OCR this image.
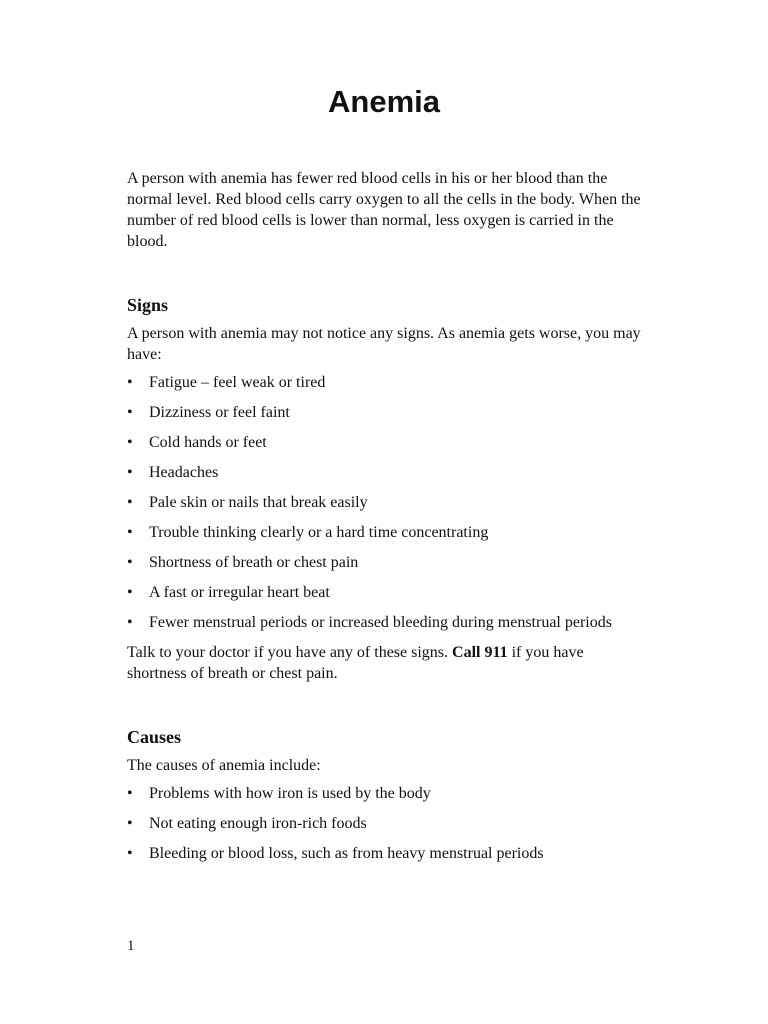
Anemia

A person with anemia has fewer red blood cells in his or her blood than the normal level. Red blood cells carry oxygen to all the cells in the body. When the number of red blood cells is lower than normal, less oxygen is carried in the blood.

Signs

A person with anemia may not notice any signs. As anemia gets worse, you may have:

• Fatigue – feel weak or tired
• Dizziness or feel faint
• Cold hands or feet
• Headaches
• Pale skin or nails that break easily
• Trouble thinking clearly or a hard time concentrating
• Shortness of breath or chest pain
• A fast or irregular heart beat
• Fewer menstrual periods or increased bleeding during menstrual periods

Talk to your doctor if you have any of these signs. Call 911 if you have shortness of breath or chest pain.

Causes

The causes of anemia include:

• Problems with how iron is used by the body
• Not eating enough iron-rich foods
• Bleeding or blood loss, such as from heavy menstrual periods
1
